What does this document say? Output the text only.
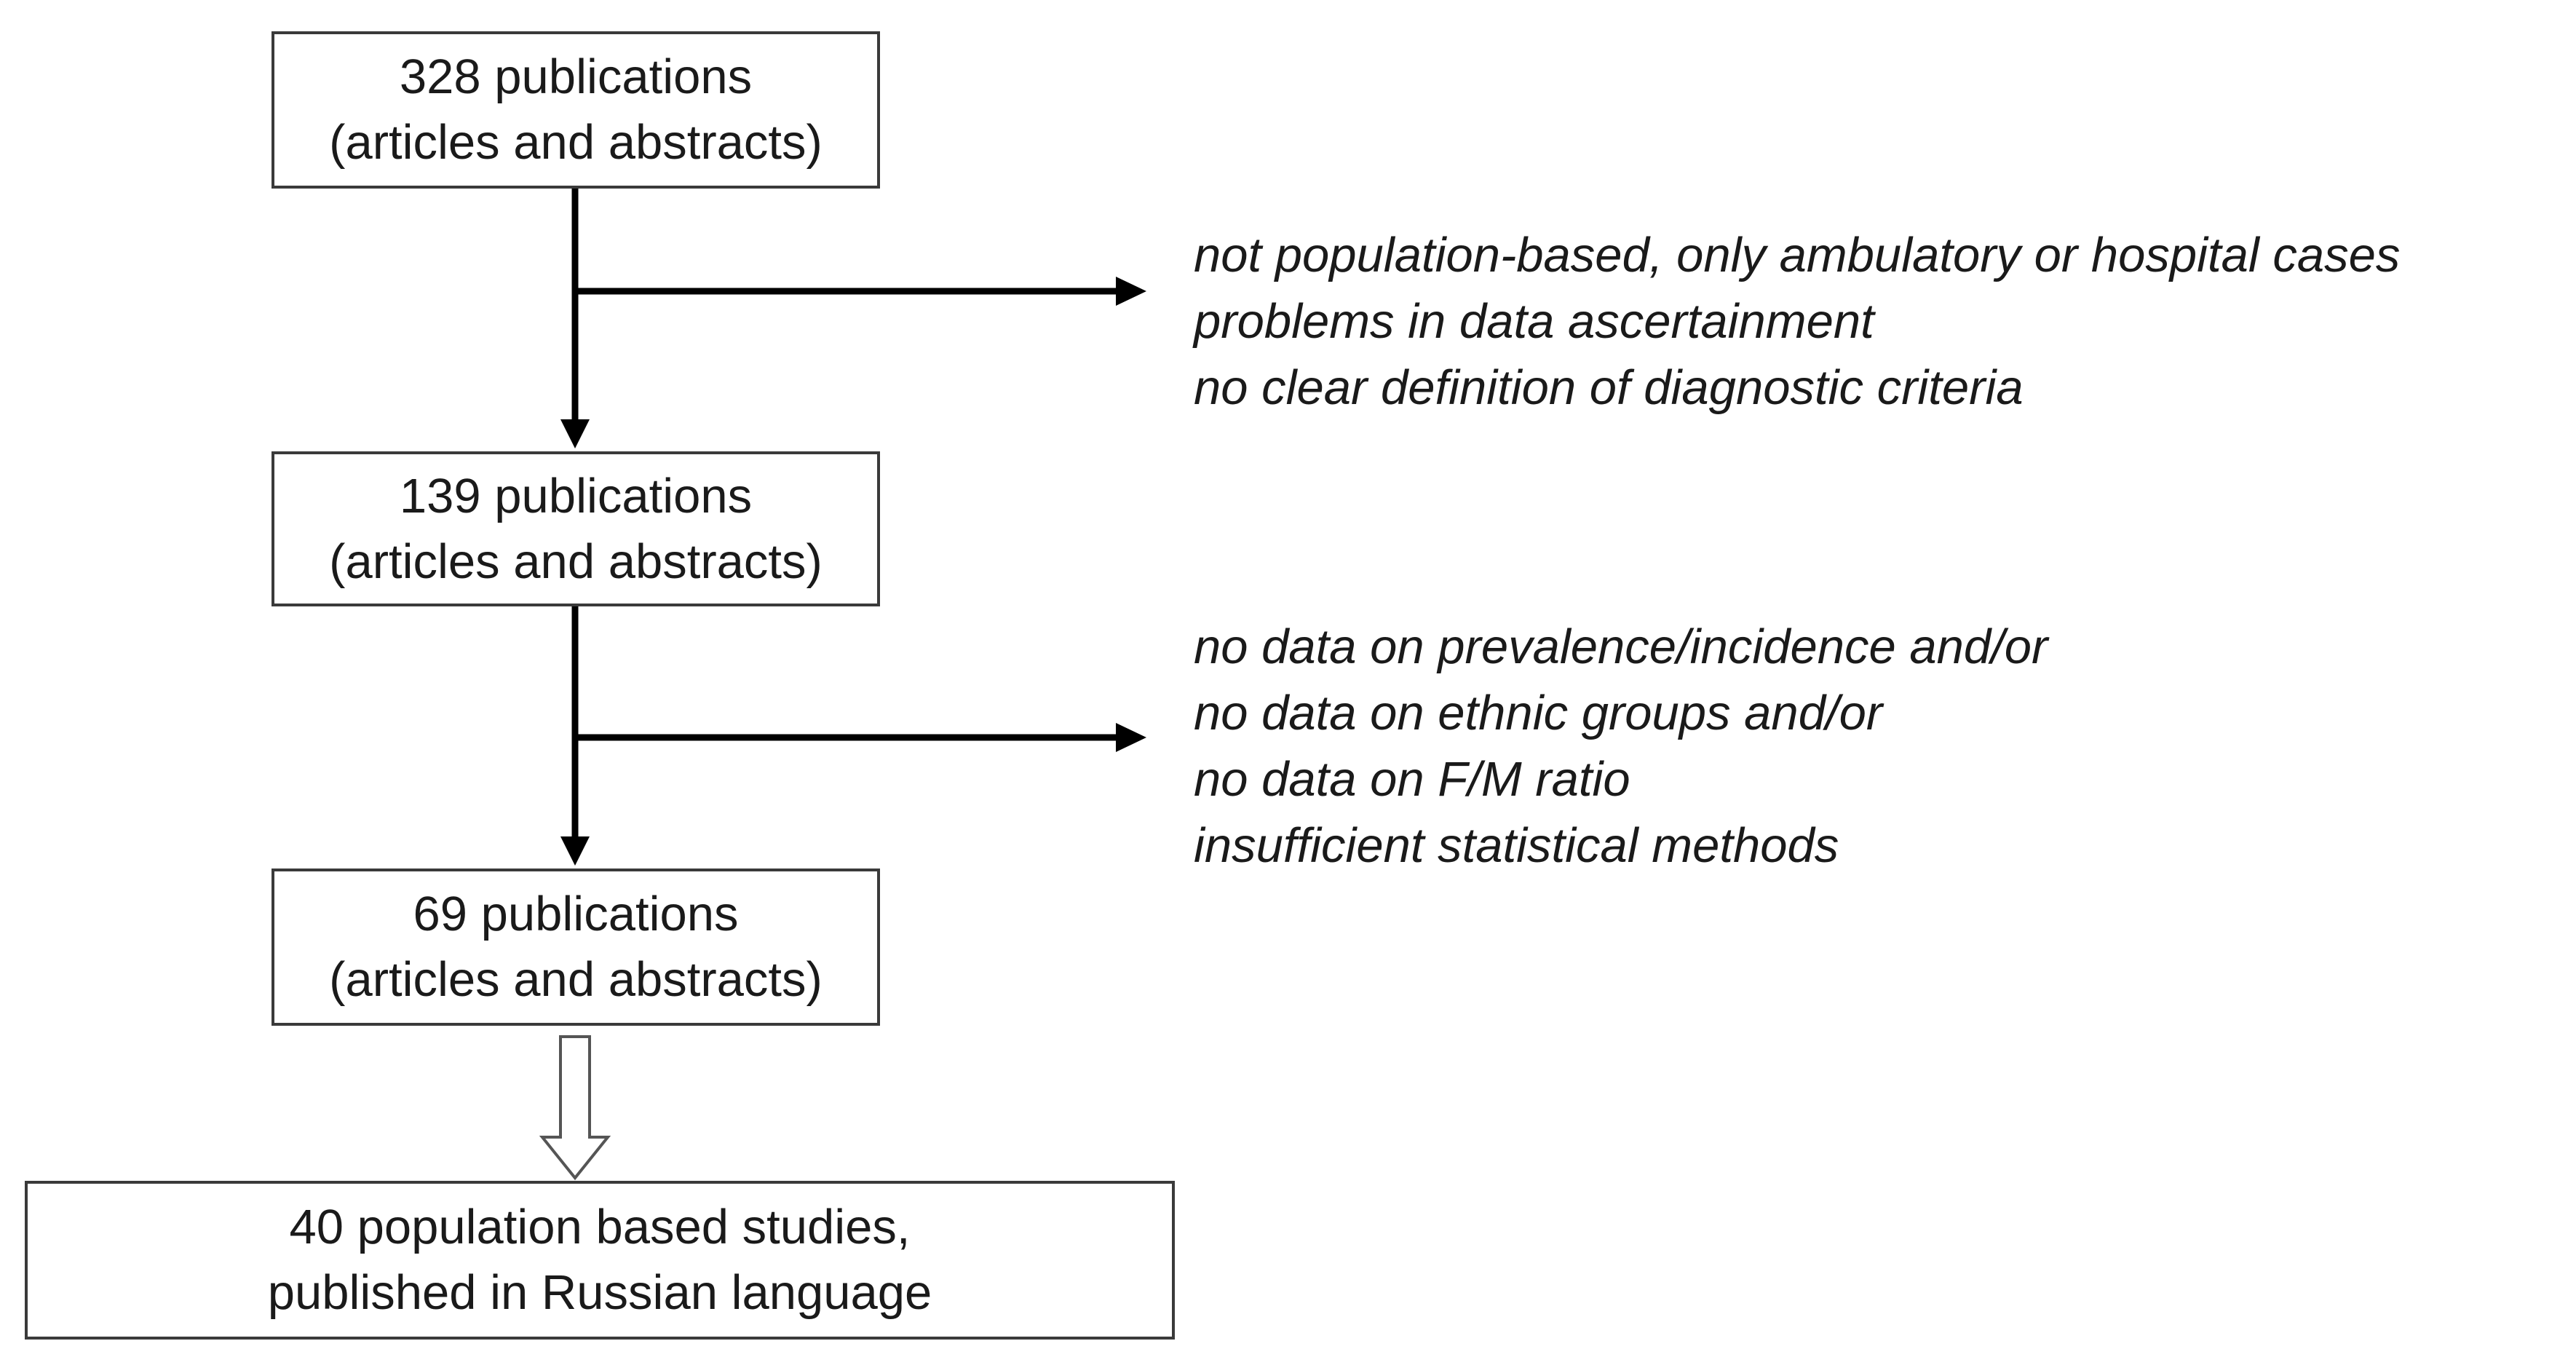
328 publications
(articles and abstracts)
139 publications
(articles and abstracts)
69 publications
(articles and abstracts)
40 population based studies,
published in Russian language
not population-based, only ambulatory or hospital cases
problems in data ascertainment
no clear definition of diagnostic criteria
no data on prevalence/incidence and/or
no data on ethnic groups and/or
no data on F/M ratio
insufficient statistical methods
